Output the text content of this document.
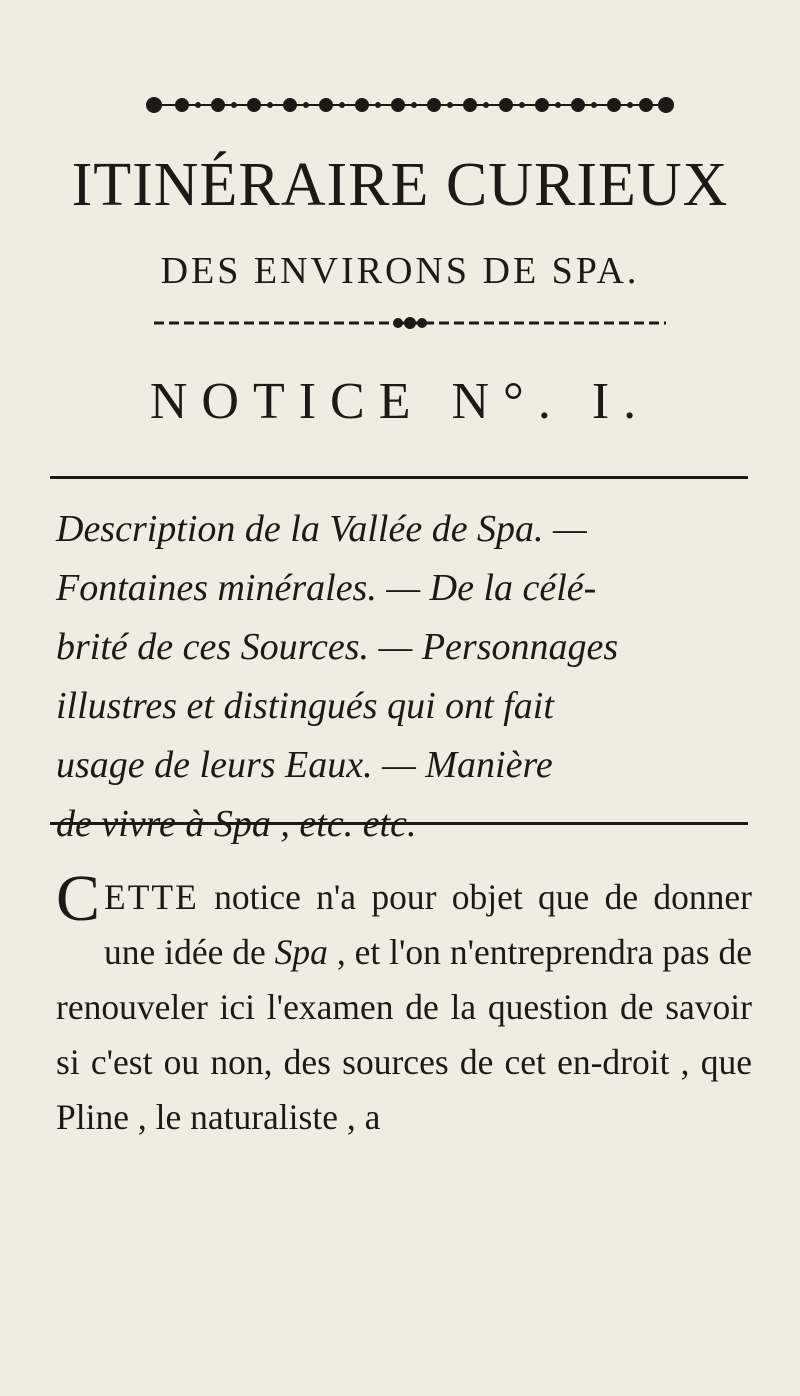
ITINÉRAIRE CURIEUX
DES ENVIRONS DE SPA.
NOTICE N°. I.

Description de la Vallée de Spa. —
Fontaines minérales. — De la célé-
brité de ces Sources. — Personnages
illustres et distingués qui ont fait
usage de leurs Eaux. — Manière
de vivre à Spa , etc. etc.

CETTE notice n'a pour objet que de donner une idée de Spa , et l'on n'entreprendra pas de renouveler ici l'examen de la question de savoir si c'est ou non, des sources de cet en-droit , que Pline , le naturaliste , a
